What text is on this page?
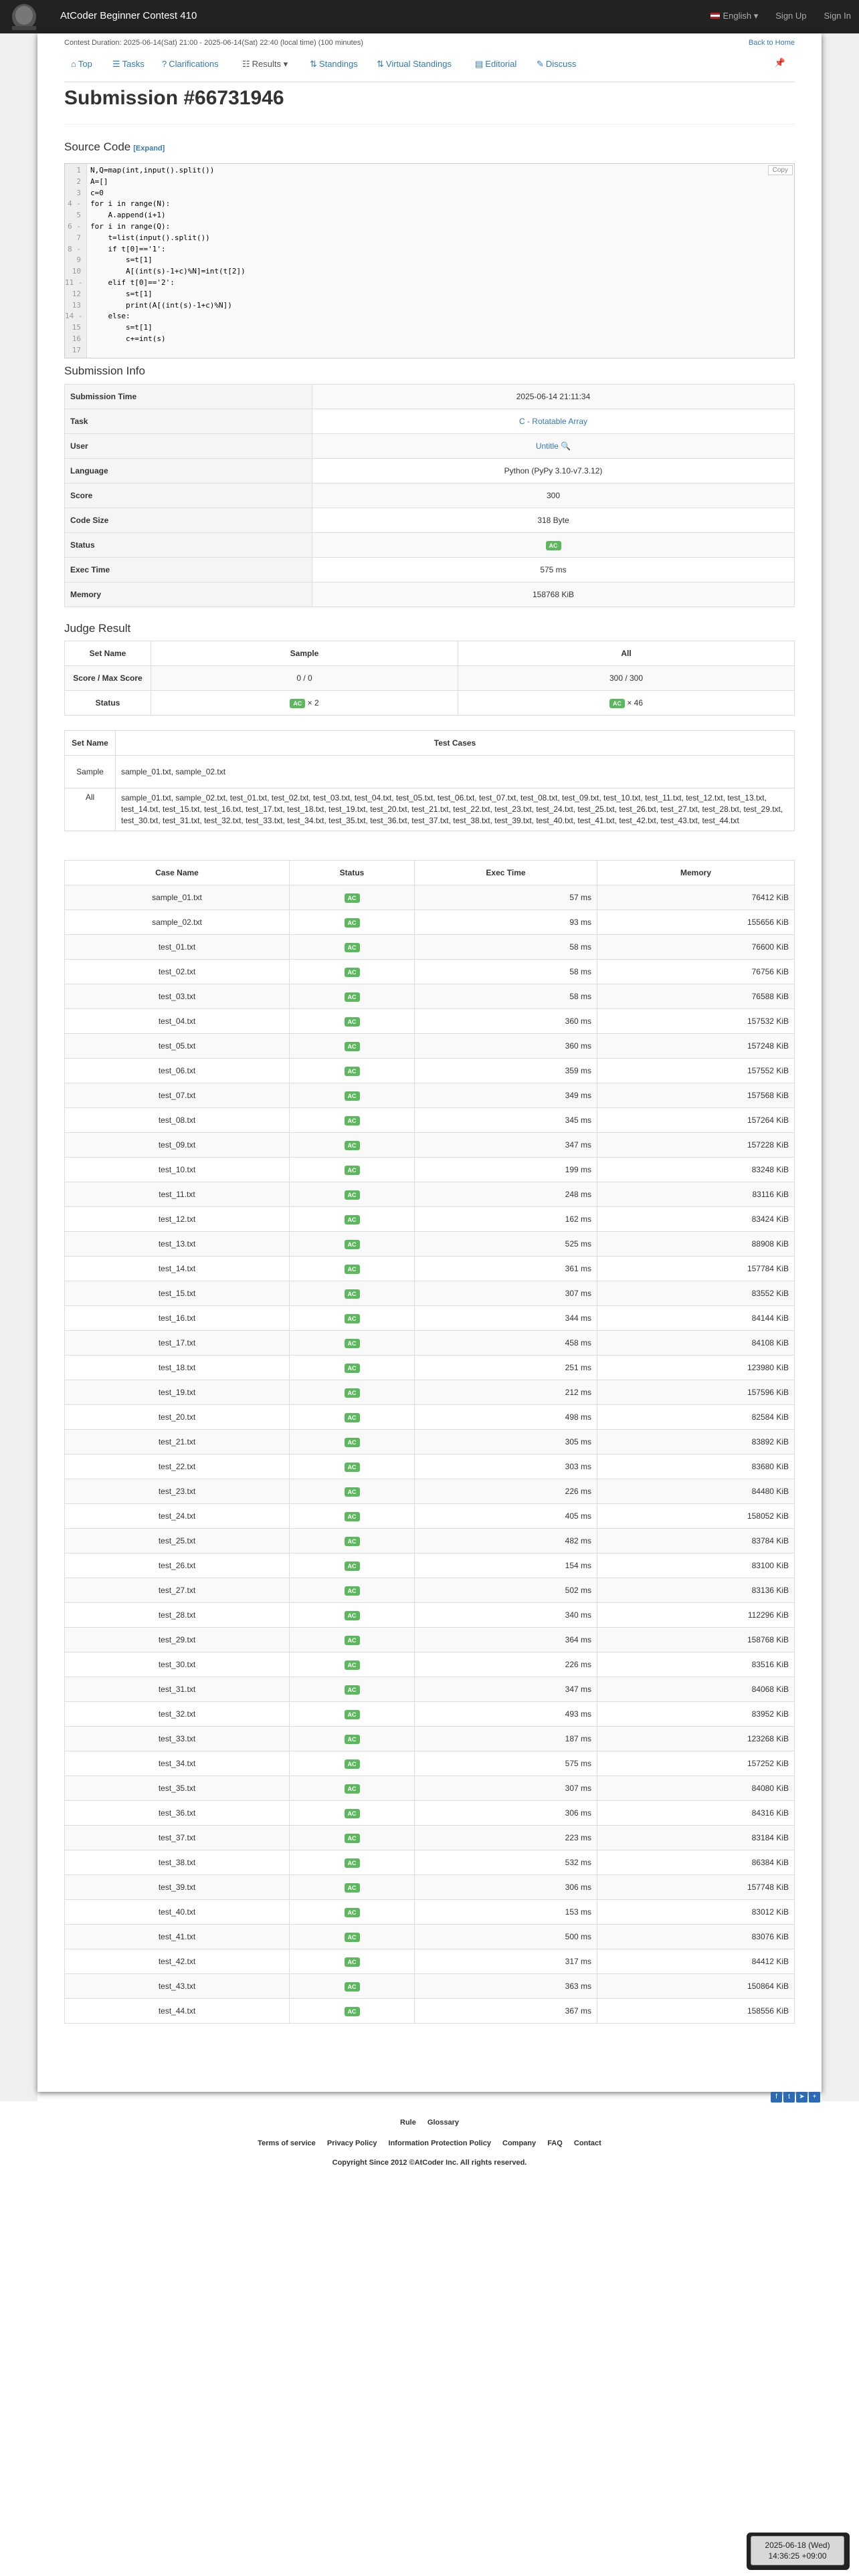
AtCoder Beginner Contest 410	English ▾ Sign Up Sign In
Contest Duration: 2025-06-14(Sat) 21:00 - 2025-06-14(Sat) 22:40 (local time) (100 minutes)	Back to Home
⌂ Top ☰ Tasks ? Clarifications	☷ Results ▾	⇅ Standings ⇅ Virtual Standings	▤ Editorial ✎ Discuss	📌
Submission #66731946
Source Code [Expand]
1 N,Q=map(int,input().split())
2 A=[]
3 c=0
4 - for i in range(N):
5 A.append(i+1)
6 - for i in range(Q):
7 t=list(input().split())
8 - if t[0]=='1':
9 s=t[1]
10 A[(int(s)-1+c)%N]=int(t[2])
11 - elif t[0]=='2':
12 s=t[1]
13 print(A[(int(s)-1+c)%N])
14 - else:
15 s=t[1]
16 c+=int(s)
17
Copy
Submission Info
Submission Time	2025-06-14 21:11:34
Task	C - Rotatable Array
User	Untitle 🔍
Language	Python (PyPy 3.10-v7.3.12)
Score	300
Code Size	318 Byte
Status	AC
Exec Time	575 ms
Memory	158768 KiB
Judge Result
Set Name	Sample	All
Score / Max Score	0 / 0	300 / 300
Status	AC × 2	AC × 46
Set Name	Test Cases
Sample	sample_01.txt, sample_02.txt
All	sample_01.txt, sample_02.txt, test_01.txt, test_02.txt, test_03.txt, test_04.txt, test_05.txt, test_06.txt, test_07.txt, test_08.txt, test_09.txt, test_10.txt, test_11.txt, test_12.txt, test_13.txt, test_14.txt, test_15.txt, test_16.txt, test_17.txt, test_18.txt, test_19.txt, test_20.txt, test_21.txt, test_22.txt, test_23.txt, test_24.txt, test_25.txt, test_26.txt, test_27.txt, test_28.txt, test_29.txt, test_30.txt, test_31.txt, test_32.txt, test_33.txt, test_34.txt, test_35.txt, test_36.txt, test_37.txt, test_38.txt, test_39.txt, test_40.txt, test_41.txt, test_42.txt, test_43.txt, test_44.txt
Case Name	Status	Exec Time	Memory
sample_01.txt	AC	57 ms	76412 KiB
sample_02.txt	AC	93 ms	155656 KiB
test_01.txt	AC	58 ms	76600 KiB
test_02.txt	AC	58 ms	76756 KiB
test_03.txt	AC	58 ms	76588 KiB
test_04.txt	AC	360 ms	157532 KiB
test_05.txt	AC	360 ms	157248 KiB
test_06.txt	AC	359 ms	157552 KiB
test_07.txt	AC	349 ms	157568 KiB
test_08.txt	AC	345 ms	157264 KiB
test_09.txt	AC	347 ms	157228 KiB
test_10.txt	AC	199 ms	83248 KiB
test_11.txt	AC	248 ms	83116 KiB
test_12.txt	AC	162 ms	83424 KiB
test_13.txt	AC	525 ms	88908 KiB
test_14.txt	AC	361 ms	157784 KiB
test_15.txt	AC	307 ms	83552 KiB
test_16.txt	AC	344 ms	84144 KiB
test_17.txt	AC	458 ms	84108 KiB
test_18.txt	AC	251 ms	123980 KiB
test_19.txt	AC	212 ms	157596 KiB
test_20.txt	AC	498 ms	82584 KiB
test_21.txt	AC	305 ms	83892 KiB
test_22.txt	AC	303 ms	83680 KiB
test_23.txt	AC	226 ms	84480 KiB
test_24.txt	AC	405 ms	158052 KiB
test_25.txt	AC	482 ms	83784 KiB
test_26.txt	AC	154 ms	83100 KiB
test_27.txt	AC	502 ms	83136 KiB
test_28.txt	AC	340 ms	112296 KiB
test_29.txt	AC	364 ms	158768 KiB
test_30.txt	AC	226 ms	83516 KiB
test_31.txt	AC	347 ms	84068 KiB
test_32.txt	AC	493 ms	83952 KiB
test_33.txt	AC	187 ms	123268 KiB
test_34.txt	AC	575 ms	157252 KiB
test_35.txt	AC	307 ms	84080 KiB
test_36.txt	AC	306 ms	84316 KiB
test_37.txt	AC	223 ms	83184 KiB
test_38.txt	AC	532 ms	86384 KiB
test_39.txt	AC	306 ms	157748 KiB
test_40.txt	AC	153 ms	83012 KiB
test_41.txt	AC	500 ms	83076 KiB
test_42.txt	AC	317 ms	84412 KiB
test_43.txt	AC	363 ms	150864 KiB
test_44.txt	AC	367 ms	158556 KiB
f	t	➤	+
Rule Glossary
Terms of service Privacy Policy Information Protection Policy Company FAQ Contact
Copyright Since 2012 ©AtCoder Inc. All rights reserved.
2025-06-18 (Wed)
14:36:25 +09:00
